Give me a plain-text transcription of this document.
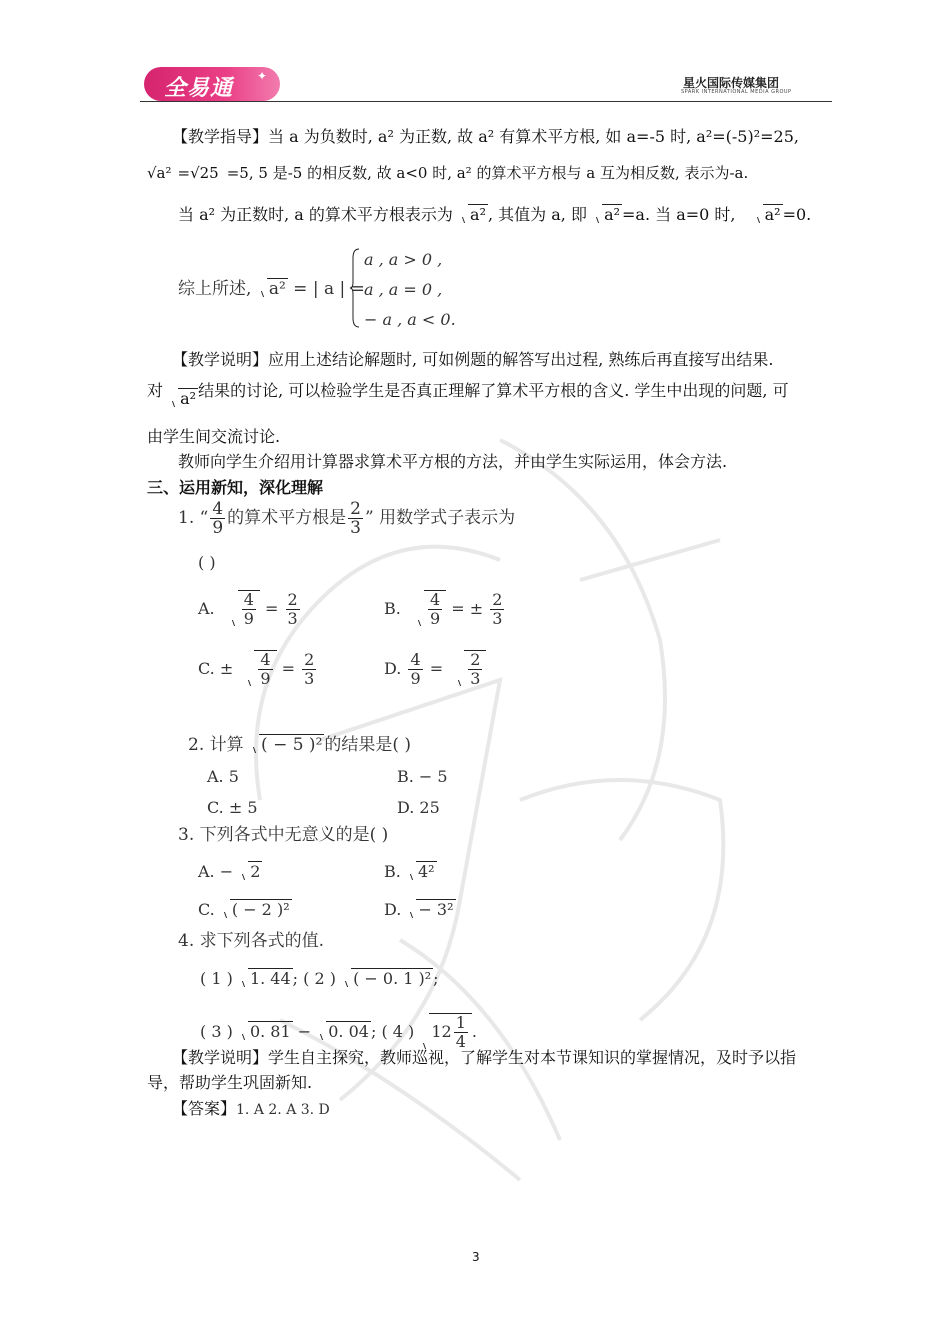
全易通 ✦	星火国际传媒集团
SPARK INTERNATIONAL MEDIA GROUP
【教学指导】当 a 为负数时, a² 为正数, 故 a² 有算术平方根, 如 a=-5 时, a²=(-5)²=25,
√a² =√25 =5, 5 是-5 的相反数, 故 a<0 时, a² 的算术平方根与 a 互为相反数, 表示为-a.
当 a² 为正数时, a 的算术平方根表示为 a² , 其值为 a, 即 a² =a. 当 a=0 时, a² =0.
综上所述, a² = | a | =
a , a > 0 ,
a , a = 0 ,
− a , a < 0.
【教学说明】应用上述结论解题时, 可如例题的解答写出过程, 熟练后再直接写出结果.
对 a² 结果的讨论, 可以检验学生是否真正理解了算术平方根的含义. 学生中出现的问题, 可
由学生间交流讨论.
教师向学生介绍用计算器求算术平方根的方法，并由学生实际运用，体会方法.
三、运用新知，深化理解
1. “ $\frac{4}{9}$ 的算术平方根是 $\frac{2}{3}$ ” 用数学式子表示为
( )
A. $\frac{4}{9} = \frac{2}{3}$	B. $\frac{4}{9}$ = ± $\frac{2}{3}$
C. ± $\frac{4}{9} = \frac{2}{3}$	D. $\frac{4}{9} = \frac{2}{3}$
2. 计算 ( − 5 )² 的结果是( )
A. 5	B. − 5
C. ± 5	D. 25
3. 下列各式中无意义的是( )
A. − 2	B. 4²
C. ( − 2 )²	D. − 3²
4. 求下列各式的值.
( 1 ) 1. 44 ; ( 2 ) ( − 0. 1 )² ;
( 3 ) 0. 81 − 0. 04 ; ( 4 ) $12 \frac{1}{4}$ .
【教学说明】学生自主探究，教师巡视，了解学生对本节课知识的掌握情况，及时予以指
导，帮助学生巩固新知.
【答案】1. A 2. A 3. D
3
